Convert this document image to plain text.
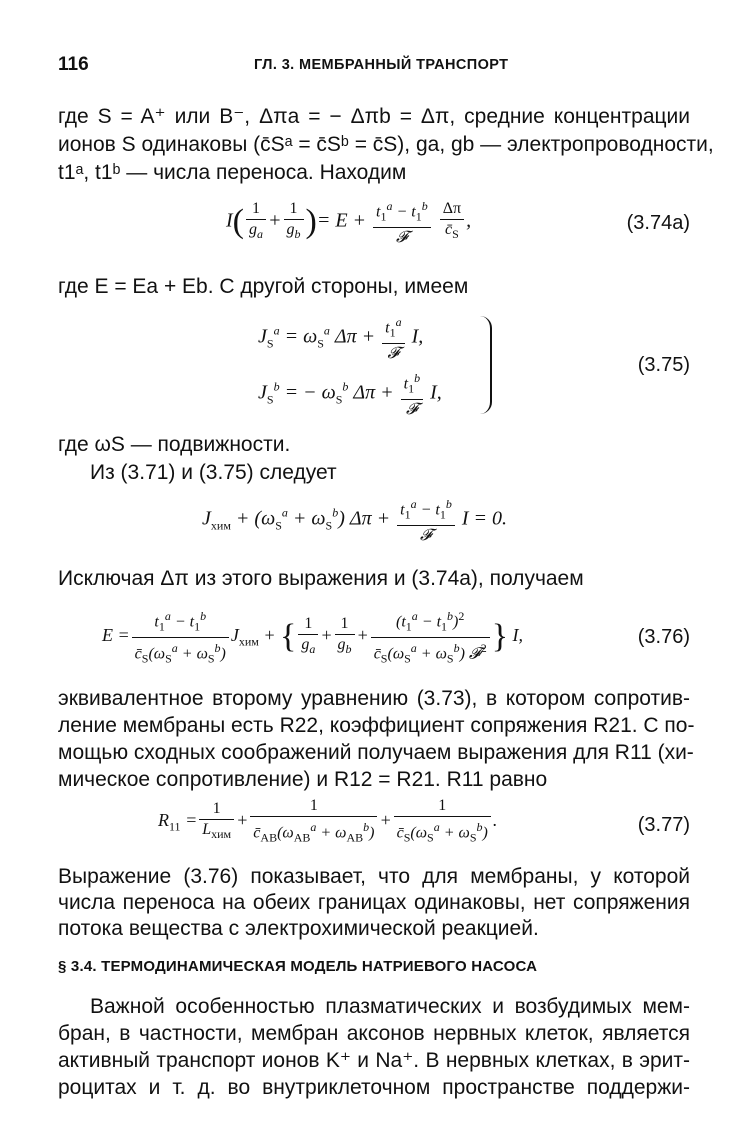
116	ГЛ. 3. МЕМБРАННЫЙ ТРАНСПОРТ
где S = A⁺ или B⁻, Δπa = − Δπb = Δπ, средние концентрации
ионов S одинаковы (c̄Sᵃ = c̄Sᵇ = c̄S), ga, gb — электропроводности,
t1ᵃ, t1ᵇ — числа переноса. Находим
$I( \frac{1}{g_a} + \frac{1}{g_b}$ )= $E + \frac{t_1^a - t_1^b}{\text{𝓕}}$
$\frac{\Delta\pi}{c̄_S}$ ,	(3.74a)
где E = Ea + Eb. С другой стороны, имеем
$J_S^a = \omega_S^a$ $\Delta\pi + \frac{t_1^a}{\text{𝓕}} I$,
$J_S^b$ = − $\omega_S^b$ $\Delta\pi + \frac{t_1^b}{\text{𝓕}} I$,
(3.75)
где ωS — подвижности.
Из (3.71) и (3.75) следует
$J_{хим} + (\omega_S^a + \omega_S^b) \Delta\pi + \frac{t_1^a - t_1^b}{\text{𝓕}}$ I = 0.
Исключая Δπ из этого выражения и (3.74a), получаем
$E = \frac{t_1^a - t_1^b}{c̄_S(\omega_S^a + \omega_S^b)} J_{хим}$ + { $\frac{1}{g_a} + \frac{1}{g_b} + \frac{(t_1^a - t_1^b)^2}{c̄_S(\omega_S^a + \omega_S^b) 𝓕^2}$ } I,	(3.76)
эквивалентное второму уравнению (3.73), в котором сопротив-
ление мембраны есть R22, коэффициент сопряжения R21. С по-
мощью сходных соображений получаем выражения для R11 (хи-
мическое сопротивление) и R12 = R21. R11 равно
$R_{11} = \frac{1}{L_{хим}} + \frac{1}{c̄_{AB}(\omega_{AB}^a + \omega_{AB}^b)} + \frac{1}{c̄_S(\omega_S^a + \omega_S^b)}$ .	(3.77)
Выражение (3.76) показывает, что для мембраны, у которой
числа переноса на обеих границах одинаковы, нет сопряжения
потока вещества с электрохимической реакцией.
§ 3.4. ТЕРМОДИНАМИЧЕСКАЯ МОДЕЛЬ НАТРИЕВОГО НАСОСА
Важной особенностью плазматических и возбудимых мем-
бран, в частности, мембран аксонов нервных клеток, является
активный транспорт ионов K⁺ и Na⁺. В нервных клетках, в эрит-
роцитах и т. д. во внутриклеточном пространстве поддержи-
